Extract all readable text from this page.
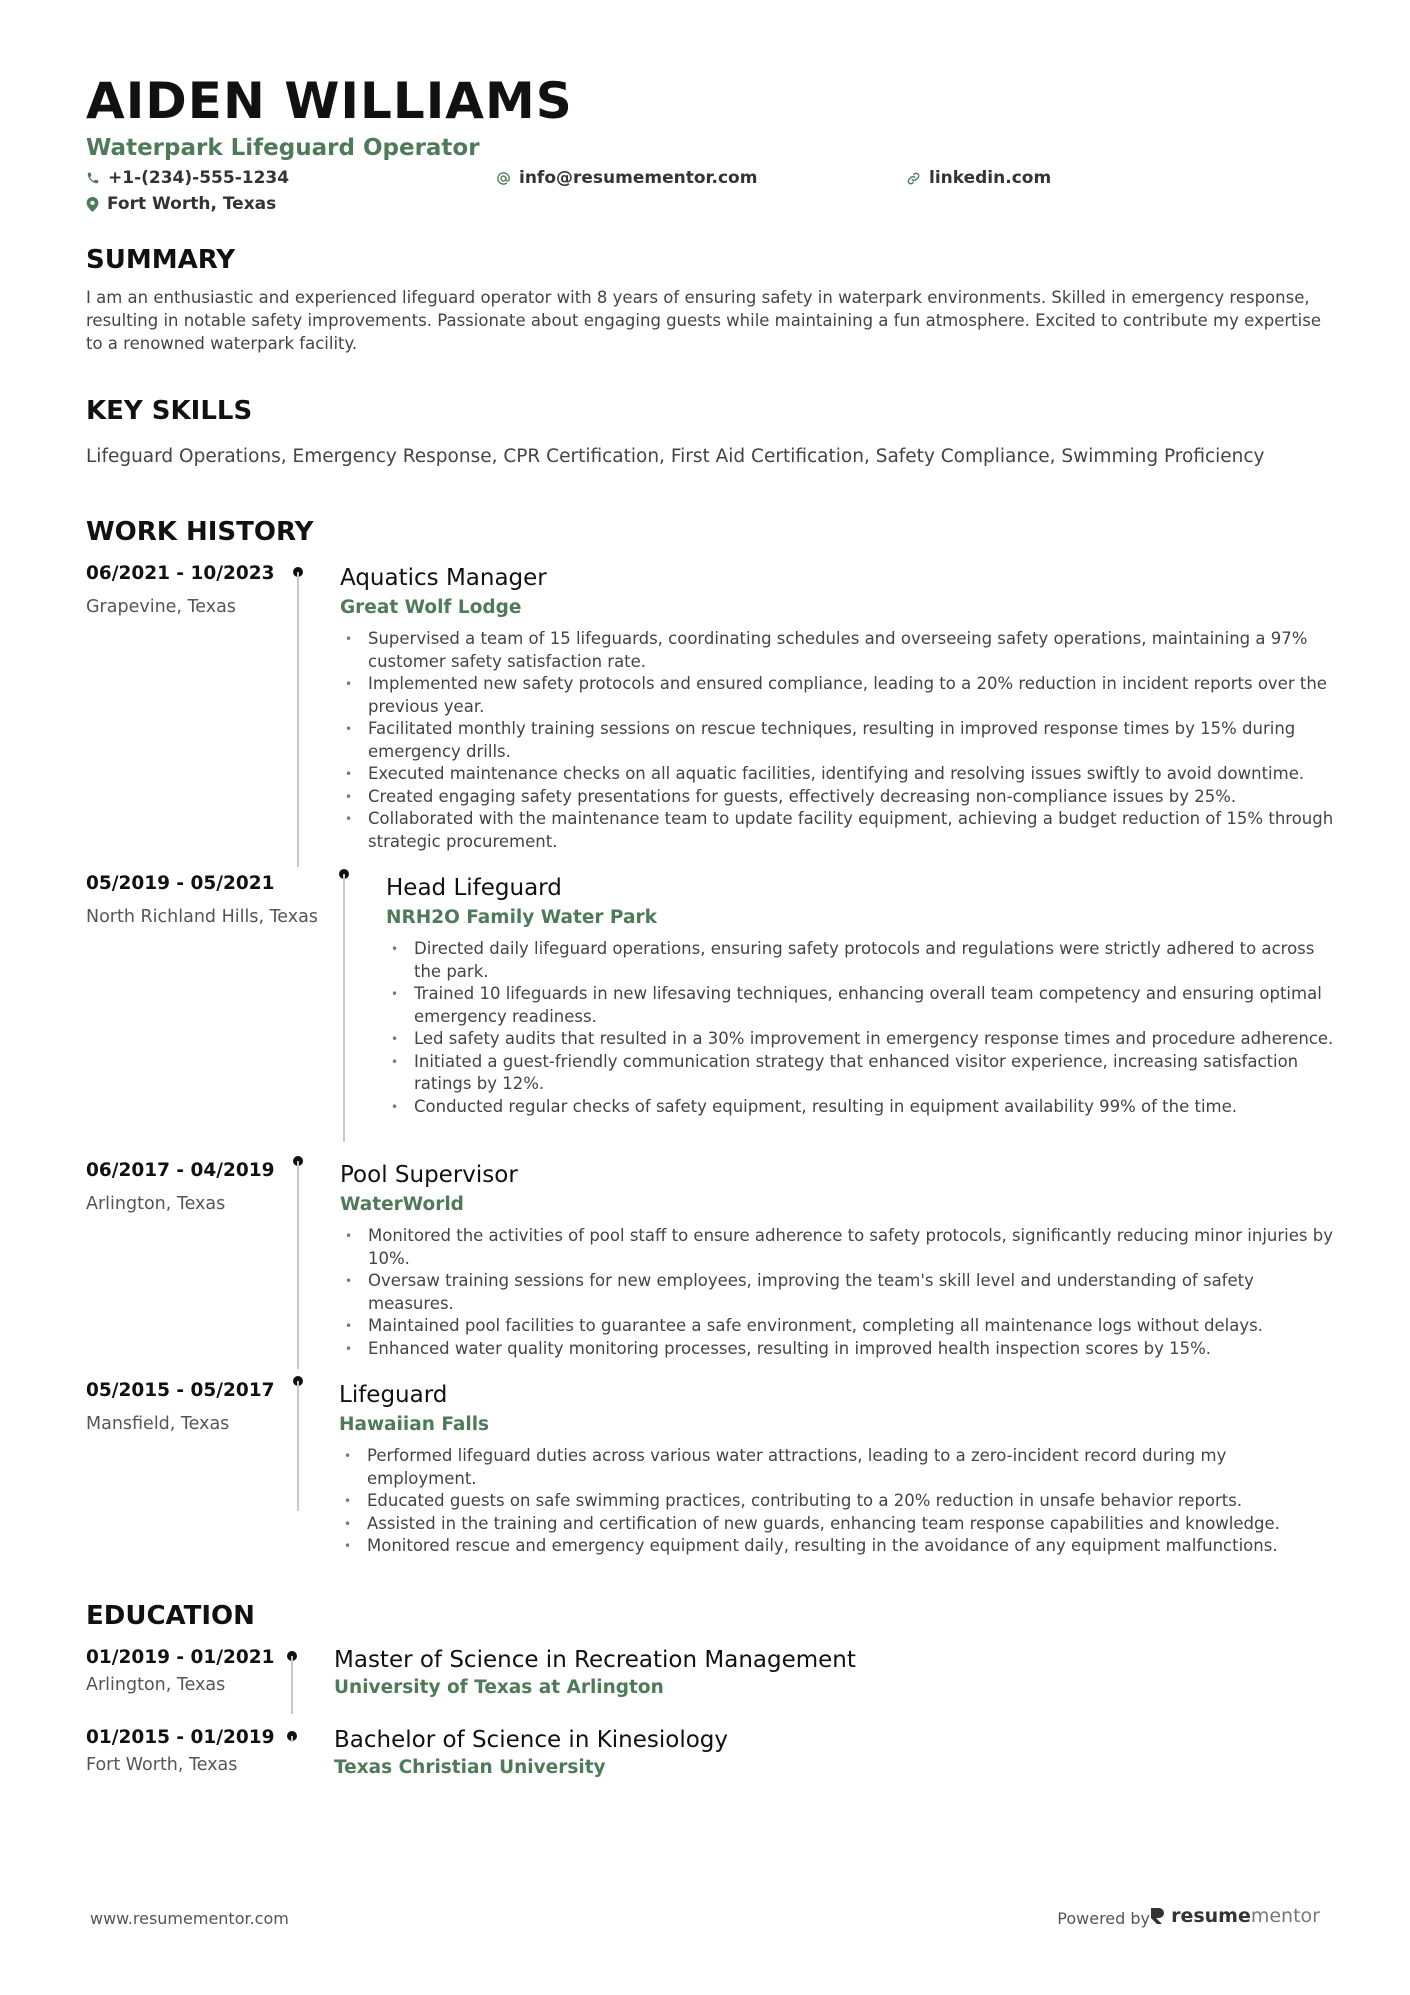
AIDEN WILLIAMS
Waterpark Lifeguard Operator
+1-(234)-555-1234	info@resumementor.com	linkedin.com
Fort Worth, Texas
SUMMARY

I am an enthusiastic and experienced lifeguard operator with 8 years of ensuring safety in waterpark environments. Skilled in emergency response, resulting in notable safety improvements. Passionate about engaging guests while maintaining a fun atmosphere. Excited to contribute my expertise to a renowned waterpark facility.

KEY SKILLS

Lifeguard Operations, Emergency Response, CPR Certification, First Aid Certification, Safety Compliance, Swimming Proficiency

WORK HISTORY
06/2021 - 10/2023
Grapevine, Texas
Aquatics Manager
Great Wolf Lodge
• Supervised a team of 15 lifeguards, coordinating schedules and overseeing safety operations, maintaining a 97% customer safety satisfaction rate.
• Implemented new safety protocols and ensured compliance, leading to a 20% reduction in incident reports over the previous year.
• Facilitated monthly training sessions on rescue techniques, resulting in improved response times by 15% during emergency drills.
• Executed maintenance checks on all aquatic facilities, identifying and resolving issues swiftly to avoid downtime.
• Created engaging safety presentations for guests, effectively decreasing non-compliance issues by 25%.
• Collaborated with the maintenance team to update facility equipment, achieving a budget reduction of 15% through strategic procurement.
05/2019 - 05/2021
North Richland Hills, Texas
Head Lifeguard
NRH2O Family Water Park
• Directed daily lifeguard operations, ensuring safety protocols and regulations were strictly adhered to across the park.
• Trained 10 lifeguards in new lifesaving techniques, enhancing overall team competency and ensuring optimal emergency readiness.
• Led safety audits that resulted in a 30% improvement in emergency response times and procedure adherence.
• Initiated a guest-friendly communication strategy that enhanced visitor experience, increasing satisfaction ratings by 12%.
• Conducted regular checks of safety equipment, resulting in equipment availability 99% of the time.
06/2017 - 04/2019
Arlington, Texas
Pool Supervisor
WaterWorld
• Monitored the activities of pool staff to ensure adherence to safety protocols, significantly reducing minor injuries by 10%.
• Oversaw training sessions for new employees, improving the team's skill level and understanding of safety measures.
• Maintained pool facilities to guarantee a safe environment, completing all maintenance logs without delays.
• Enhanced water quality monitoring processes, resulting in improved health inspection scores by 15%.
05/2015 - 05/2017
Mansfield, Texas
Lifeguard
Hawaiian Falls
• Performed lifeguard duties across various water attractions, leading to a zero-incident record during my employment.
• Educated guests on safe swimming practices, contributing to a 20% reduction in unsafe behavior reports.
• Assisted in the training and certification of new guards, enhancing team response capabilities and knowledge.
• Monitored rescue and emergency equipment daily, resulting in the avoidance of any equipment malfunctions.
EDUCATION
01/2019 - 01/2021
Arlington, Texas
Master of Science in Recreation Management
University of Texas at Arlington
01/2015 - 01/2019
Fort Worth, Texas
Bachelor of Science in Kinesiology
Texas Christian University
www.resumementor.com	Powered by resumementor
